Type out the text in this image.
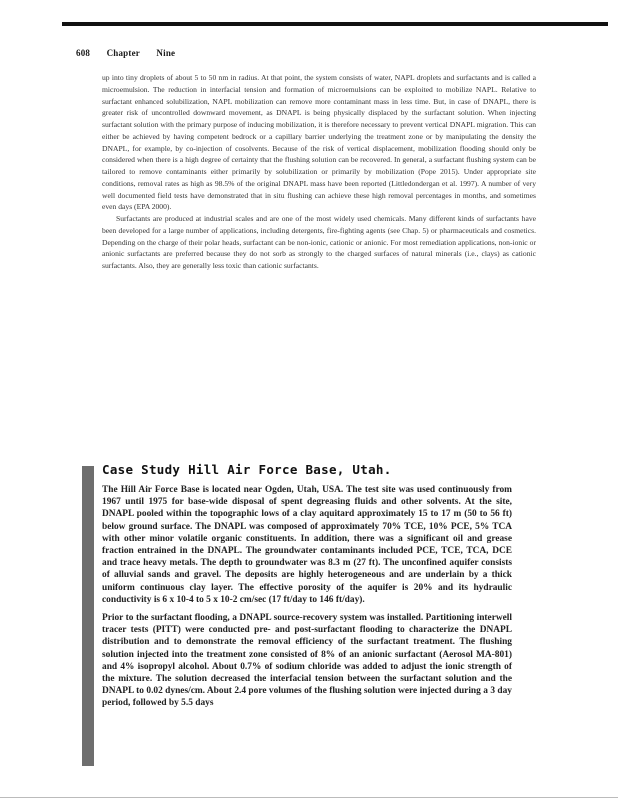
608 Chapter Nine

up into tiny droplets of about 5 to 50 nm in radius. At that point, the system consists of water, NAPL droplets and surfactants and is called a microemulsion. The reduction in interfacial tension and formation of microemulsions can be exploited to mobilize NAPL. Relative to surfactant enhanced solubilization, NAPL mobilization can remove more contaminant mass in less time. But, in case of DNAPL, there is greater risk of uncontrolled downward movement, as DNAPL is being physically displaced by the surfactant solution. When injecting surfactant solution with the primary purpose of inducing mobilization, it is therefore necessary to prevent vertical DNAPL migration. This can either be achieved by having competent bedrock or a capillary barrier underlying the treatment zone or by manipulating the density the DNAPL, for example, by co-injection of cosolvents. Because of the risk of vertical displacement, mobilization flooding should only be considered when there is a high degree of certainty that the flushing solution can be recovered. In general, a surfactant flushing system can be tailored to remove contaminants either primarily by solubilization or primarily by mobilization (Pope 2015). Under appropriate site conditions, removal rates as high as 98.5% of the original DNAPL mass have been reported (Littledondergan et al. 1997). A number of very well documented field tests have demonstrated that in situ flushing can achieve these high removal percentages in months, and sometimes even days (EPA 2000).

Surfactants are produced at industrial scales and are one of the most widely used chemicals. Many different kinds of surfactants have been developed for a large number of applications, including detergents, fire-fighting agents (see Chap. 5) or pharmaceuticals and cosmetics. Depending on the charge of their polar heads, surfactant can be non-ionic, cationic or anionic. For most remediation applications, non-ionic or anionic surfactants are preferred because they do not sorb as strongly to the charged surfaces of natural minerals (i.e., clays) as cationic surfactants. Also, they are generally less toxic than cationic surfactants.

Case Study Hill Air Force Base, Utah.

The Hill Air Force Base is located near Ogden, Utah, USA. The test site was used continuously from 1967 until 1975 for base-wide disposal of spent degreasing fluids and other solvents. At the site, DNAPL pooled within the topographic lows of a clay aquitard approximately 15 to 17 m (50 to 56 ft) below ground surface. The DNAPL was composed of approximately 70% TCE, 10% PCE, 5% TCA with other minor volatile organic constituents. In addition, there was a significant oil and grease fraction entrained in the DNAPL. The groundwater contaminants included PCE, TCE, TCA, DCE and trace heavy metals. The depth to groundwater was 8.3 m (27 ft). The unconfined aquifer consists of alluvial sands and gravel. The deposits are highly heterogeneous and are underlain by a thick uniform continuous clay layer. The effective porosity of the aquifer is 20% and its hydraulic conductivity is 6 x 10-4 to 5 x 10-2 cm/sec (17 ft/day to 146 ft/day).

Prior to the surfactant flooding, a DNAPL source-recovery system was installed. Partitioning interwell tracer tests (PITT) were conducted pre- and post-surfactant flooding to characterize the DNAPL distribution and to demonstrate the removal efficiency of the surfactant treatment. The flushing solution injected into the treatment zone consisted of 8% of an anionic surfactant (Aerosol MA-801) and 4% isopropyl alcohol. About 0.7% of sodium chloride was added to adjust the ionic strength of the mixture. The solution decreased the interfacial tension between the surfactant solution and the DNAPL to 0.02 dynes/cm. About 2.4 pore volumes of the flushing solution were injected during a 3 day period, followed by 5.5 days
